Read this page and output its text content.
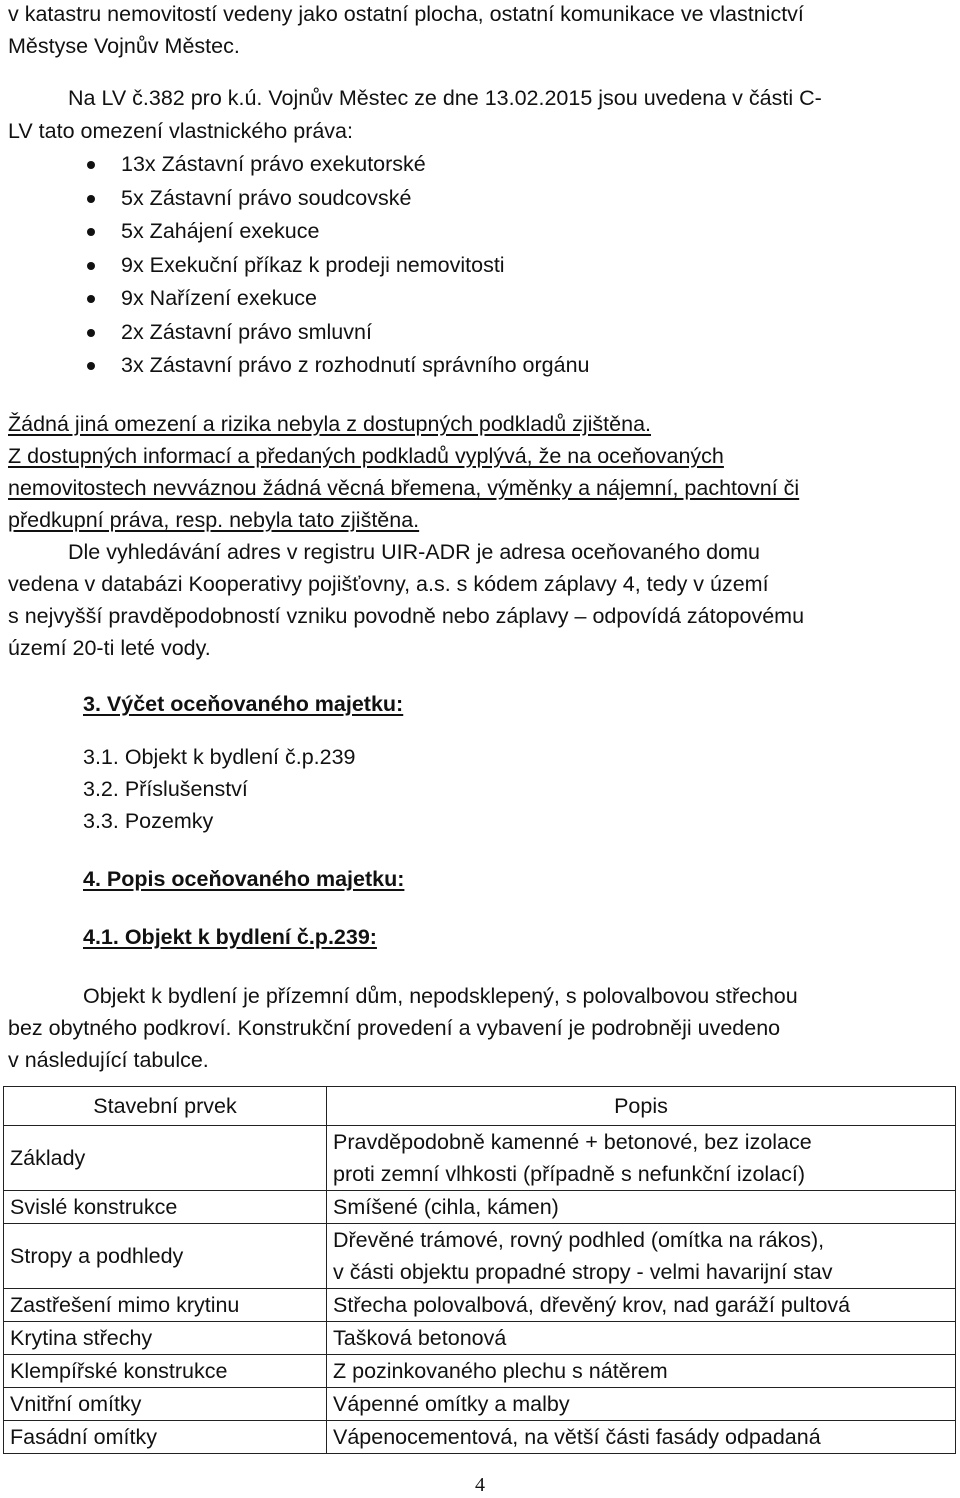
v katastru nemovitostí vedeny jako ostatní plocha, ostatní komunikace ve vlastnictví
Městyse Vojnův Městec.
Na LV č.382 pro k.ú. Vojnův Městec ze dne 13.02.2015 jsou uvedena v části C-
LV tato omezení vlastnického práva:
13x Zástavní právo exekutorské
5x Zástavní právo soudcovské
5x Zahájení exekuce
9x Exekuční příkaz k prodeji nemovitosti
9x Nařízení exekuce
2x Zástavní právo smluvní
3x Zástavní právo z rozhodnutí správního orgánu
Žádná jiná omezení a rizika nebyla z dostupných podkladů zjištěna.
Z dostupných informací a předaných podkladů vyplývá, že na oceňovaných
nemovitostech nevváznou žádná věcná břemena, výměnky a nájemní, pachtovní či
předkupní práva, resp. nebyla tato zjištěna.
Dle vyhledávání adres v registru UIR-ADR je adresa oceňovaného domu
vedena v databázi Kooperativy pojišťovny, a.s. s kódem záplavy 4, tedy v území
s nejvyšší pravděpodobností vzniku povodně nebo záplavy – odpovídá zátopovému
území 20-ti leté vody.
3. Výčet oceňovaného majetku:
3.1. Objekt k bydlení č.p.239
3.2. Příslušenství
3.3. Pozemky
4. Popis oceňovaného majetku:
4.1. Objekt k bydlení č.p.239:
Objekt k bydlení je přízemní dům, nepodsklepený, s polovalbovou střechou
bez obytného podkroví. Konstrukční provedení a vybavení je podrobněji uvedeno
v následující tabulce.
Stavební prvek	Popis
Základy	Pravděpodobně kamenné + betonové, bez izolace
proti zemní vlhkosti (případně s nefunkční izolací)

Svislé konstrukce	Smíšené (cihla, kámen)
Stropy a podhledy	Dřevěné trámové, rovný podhled (omítka na rákos),
v části objektu propadné stropy - velmi havarijní stav

Zastřešení mimo krytinu	Střecha polovalbová, dřevěný krov, nad garáží pultová
Krytina střechy	Tašková betonová
Klempířské konstrukce	Z pozinkovaného plechu s nátěrem
Vnitřní omítky	Vápenné omítky a malby
Fasádní omítky	Vápenocementová, na větší části fasády odpadaná
4
